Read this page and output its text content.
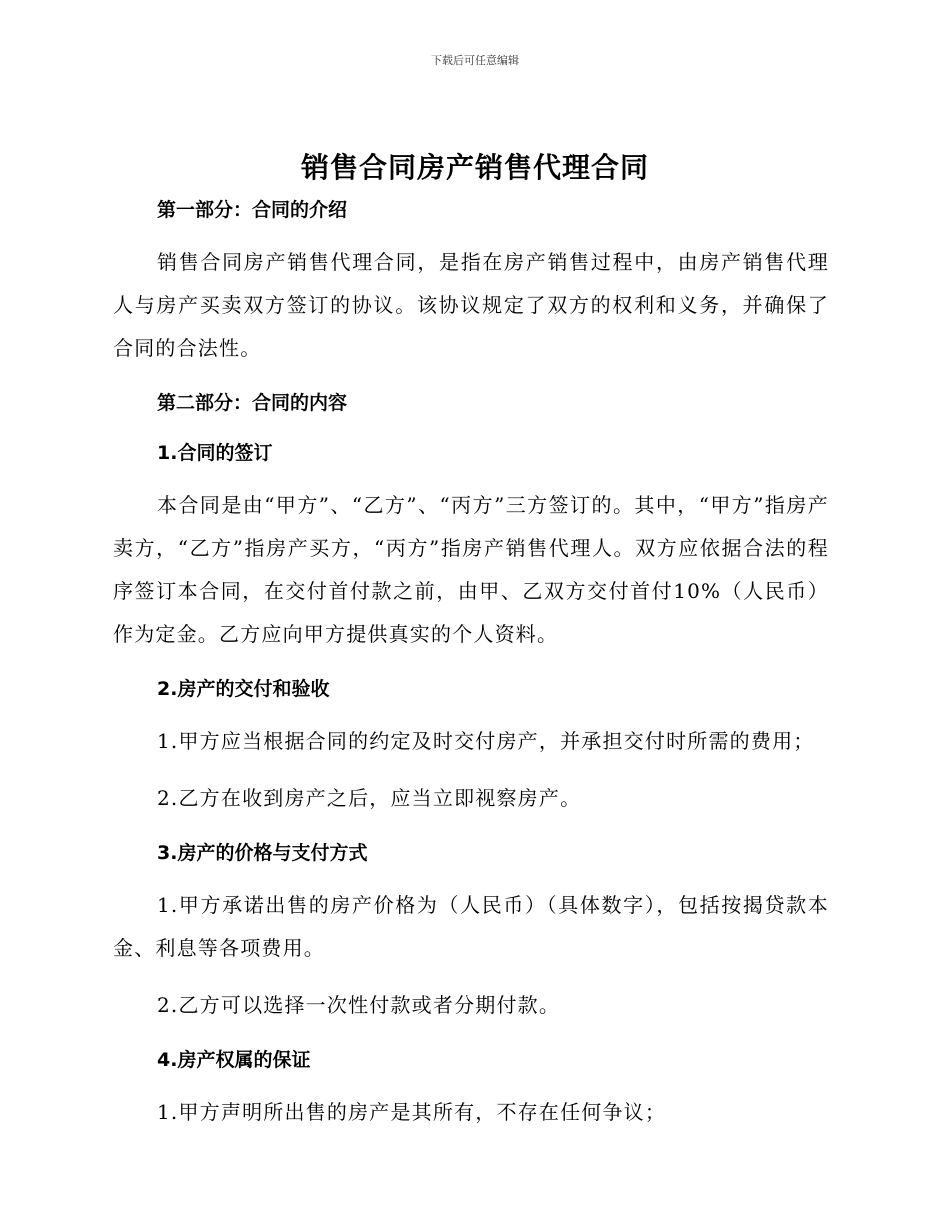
下载后可任意编辑
销售合同房产销售代理合同

第一部分：合同的介绍

销售合同房产销售代理合同，是指在房产销售过程中，由房产销售代理人与房产买卖双方签订的协议。该协议规定了双方的权利和义务，并确保了合同的合法性。

第二部分：合同的内容

1.合同的签订

本合同是由“甲方”、“乙方”、“丙方”三方签订的。其中，“甲方”指房产卖方，“乙方”指房产买方，“丙方”指房产销售代理人。双方应依据合法的程序签订本合同，在交付首付款之前，由甲、乙双方交付首付10%（人民币）作为定金。乙方应向甲方提供真实的个人资料。

2.房产的交付和验收

1.甲方应当根据合同的约定及时交付房产，并承担交付时所需的费用；

2.乙方在收到房产之后，应当立即视察房产。

3.房产的价格与支付方式

1.甲方承诺出售的房产价格为（人民币）（具体数字），包括按揭贷款本金、利息等各项费用。

2.乙方可以选择一次性付款或者分期付款。

4.房产权属的保证

1.甲方声明所出售的房产是其所有，不存在任何争议；
